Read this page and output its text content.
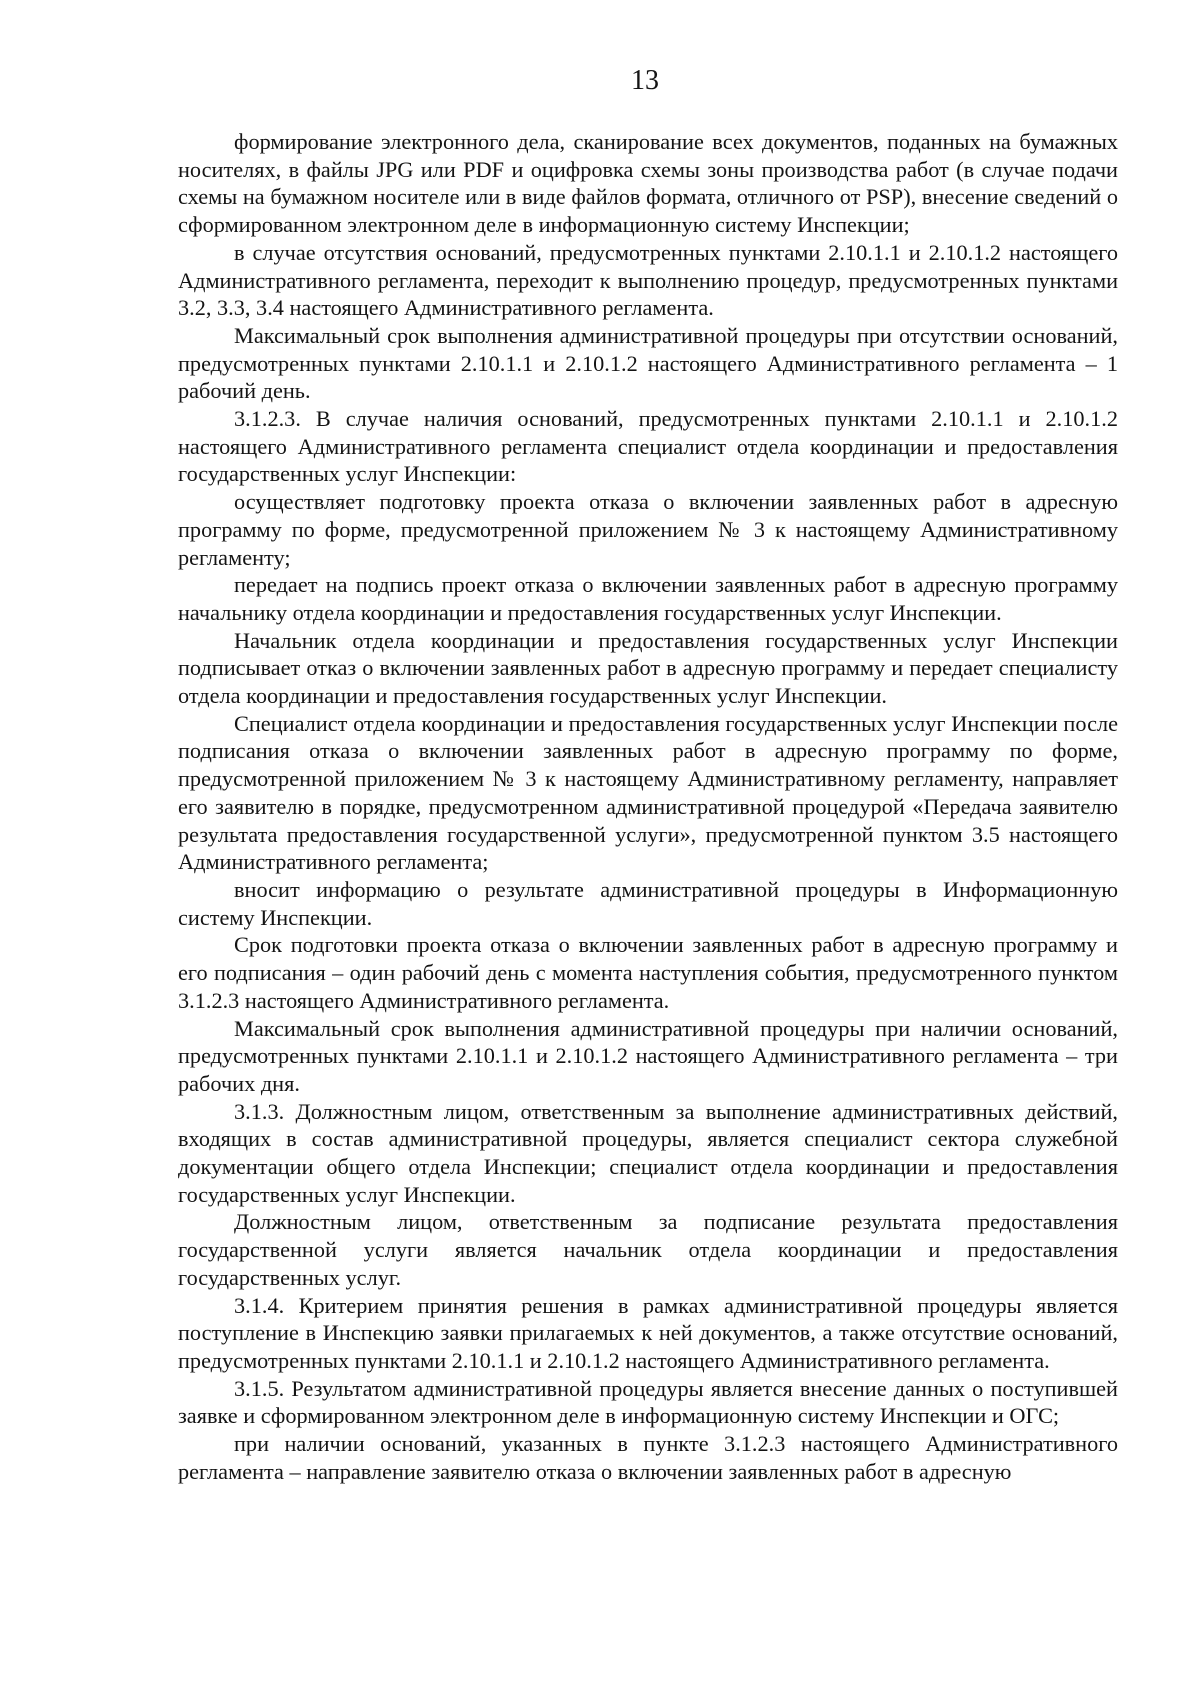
13

формирование электронного дела, сканирование всех документов, поданных на бумажных носителях, в файлы JPG или PDF и оцифровка схемы зоны производства работ (в случае подачи схемы на бумажном носителе или в виде файлов формата, отличного от PSP), внесение сведений о сформированном электронном деле в информационную систему Инспекции;

в случае отсутствия оснований, предусмотренных пунктами 2.10.1.1 и 2.10.1.2 настоящего Административного регламента, переходит к выполнению процедур, предусмотренных пунктами 3.2, 3.3, 3.4 настоящего Административного регламента.

Максимальный срок выполнения административной процедуры при отсутствии оснований, предусмотренных пунктами 2.10.1.1 и 2.10.1.2 настоящего Административного регламента – 1 рабочий день.

3.1.2.3. В случае наличия оснований, предусмотренных пунктами 2.10.1.1 и 2.10.1.2 настоящего Административного регламента специалист отдела координации и предоставления государственных услуг Инспекции:

осуществляет подготовку проекта отказа о включении заявленных работ в адресную программу по форме, предусмотренной приложением № 3 к настоящему Административному регламенту;

передает на подпись проект отказа о включении заявленных работ в адресную программу начальнику отдела координации и предоставления государственных услуг Инспекции.

Начальник отдела координации и предоставления государственных услуг Инспекции подписывает отказ о включении заявленных работ в адресную программу и передает специалисту отдела координации и предоставления государственных услуг Инспекции.

Специалист отдела координации и предоставления государственных услуг Инспекции после подписания отказа о включении заявленных работ в адресную программу по форме, предусмотренной приложением № 3 к настоящему Административному регламенту, направляет его заявителю в порядке, предусмотренном административной процедурой «Передача заявителю результата предоставления государственной услуги», предусмотренной пунктом 3.5 настоящего Административного регламента;

вносит информацию о результате административной процедуры в Информационную систему Инспекции.

Срок подготовки проекта отказа о включении заявленных работ в адресную программу и его подписания – один рабочий день с момента наступления события, предусмотренного пунктом 3.1.2.3 настоящего Административного регламента.

Максимальный срок выполнения административной процедуры при наличии оснований, предусмотренных пунктами 2.10.1.1 и 2.10.1.2 настоящего Административного регламента – три рабочих дня.

3.1.3. Должностным лицом, ответственным за выполнение административных действий, входящих в состав административной процедуры, является специалист сектора служебной документации общего отдела Инспекции; специалист отдела координации и предоставления государственных услуг Инспекции.

Должностным лицом, ответственным за подписание результата предоставления государственной услуги является начальник отдела координации и предоставления государственных услуг.

3.1.4. Критерием принятия решения в рамках административной процедуры является поступление в Инспекцию заявки прилагаемых к ней документов, а также отсутствие оснований, предусмотренных пунктами 2.10.1.1 и 2.10.1.2 настоящего Административного регламента.

3.1.5. Результатом административной процедуры является внесение данных о поступившей заявке и сформированном электронном деле в информационную систему Инспекции и ОГС;

при наличии оснований, указанных в пункте 3.1.2.3 настоящего Административного регламента – направление заявителю отказа о включении заявленных работ в адресную
